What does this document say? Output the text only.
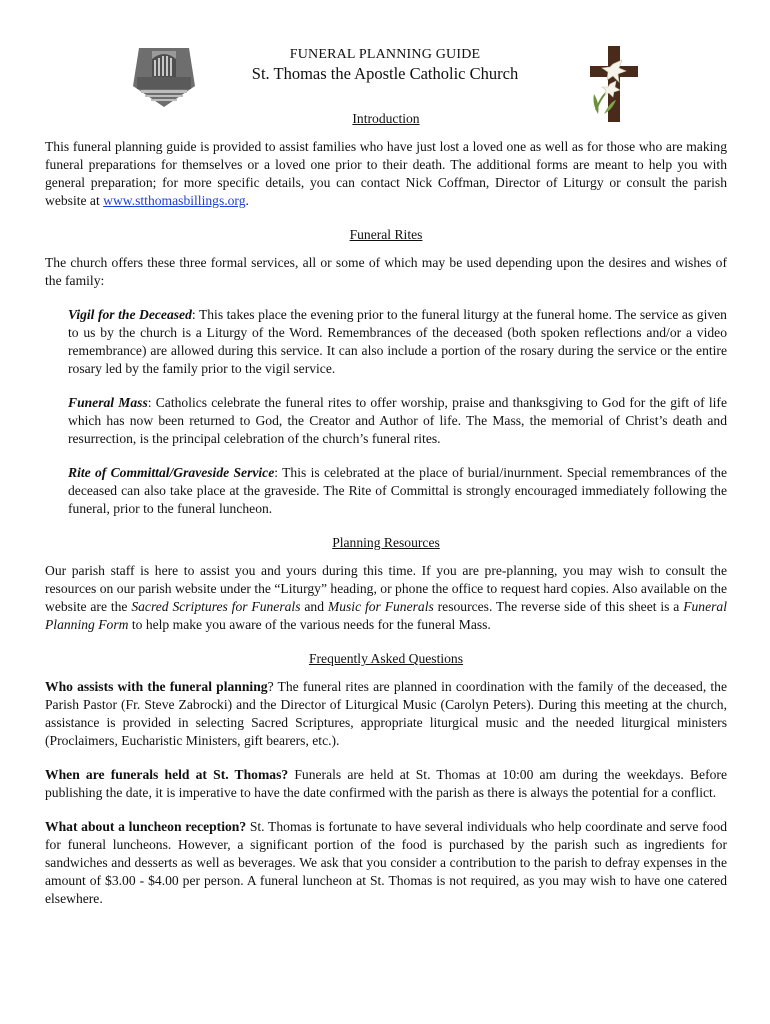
FUNERAL PLANNING GUIDE
St. Thomas the Apostle Catholic Church

Introduction

This funeral planning guide is provided to assist families who have just lost a loved one as well as for those who are making funeral preparations for themselves or a loved one prior to their death. The additional forms are meant to help you with general preparation; for more specific details, you can contact Nick Coffman, Director of Liturgy or consult the parish website at www.stthomasbillings.org.

Funeral Rites

The church offers these three formal services, all or some of which may be used depending upon the desires and wishes of the family:

Vigil for the Deceased: This takes place the evening prior to the funeral liturgy at the funeral home. The service as given to us by the church is a Liturgy of the Word. Remembrances of the deceased (both spoken reflections and/or a video remembrance) are allowed during this service. It can also include a portion of the rosary during the service or the entire rosary led by the family prior to the vigil service.

Funeral Mass: Catholics celebrate the funeral rites to offer worship, praise and thanksgiving to God for the gift of life which has now been returned to God, the Creator and Author of life. The Mass, the memorial of Christ’s death and resurrection, is the principal celebration of the church’s funeral rites.

Rite of Committal/Graveside Service: This is celebrated at the place of burial/inurnment. Special remembrances of the deceased can also take place at the graveside. The Rite of Committal is strongly encouraged immediately following the funeral, prior to the funeral luncheon.

Planning Resources

Our parish staff is here to assist you and yours during this time. If you are pre-planning, you may wish to consult the resources on our parish website under the “Liturgy” heading, or phone the office to request hard copies. Also available on the website are the Sacred Scriptures for Funerals and Music for Funerals resources. The reverse side of this sheet is a Funeral Planning Form to help make you aware of the various needs for the funeral Mass.

Frequently Asked Questions

Who assists with the funeral planning? The funeral rites are planned in coordination with the family of the deceased, the Parish Pastor (Fr. Steve Zabrocki) and the Director of Liturgical Music (Carolyn Peters). During this meeting at the church, assistance is provided in selecting Sacred Scriptures, appropriate liturgical music and the needed liturgical ministers (Proclaimers, Eucharistic Ministers, gift bearers, etc.).

When are funerals held at St. Thomas? Funerals are held at St. Thomas at 10:00 am during the weekdays. Before publishing the date, it is imperative to have the date confirmed with the parish as there is always the potential for a conflict.

What about a luncheon reception? St. Thomas is fortunate to have several individuals who help coordinate and serve food for funeral luncheons. However, a significant portion of the food is purchased by the parish such as ingredients for sandwiches and desserts as well as beverages. We ask that you consider a contribution to the parish to defray expenses in the amount of $3.00 - $4.00 per person. A funeral luncheon at St. Thomas is not required, as you may wish to have one catered elsewhere.
